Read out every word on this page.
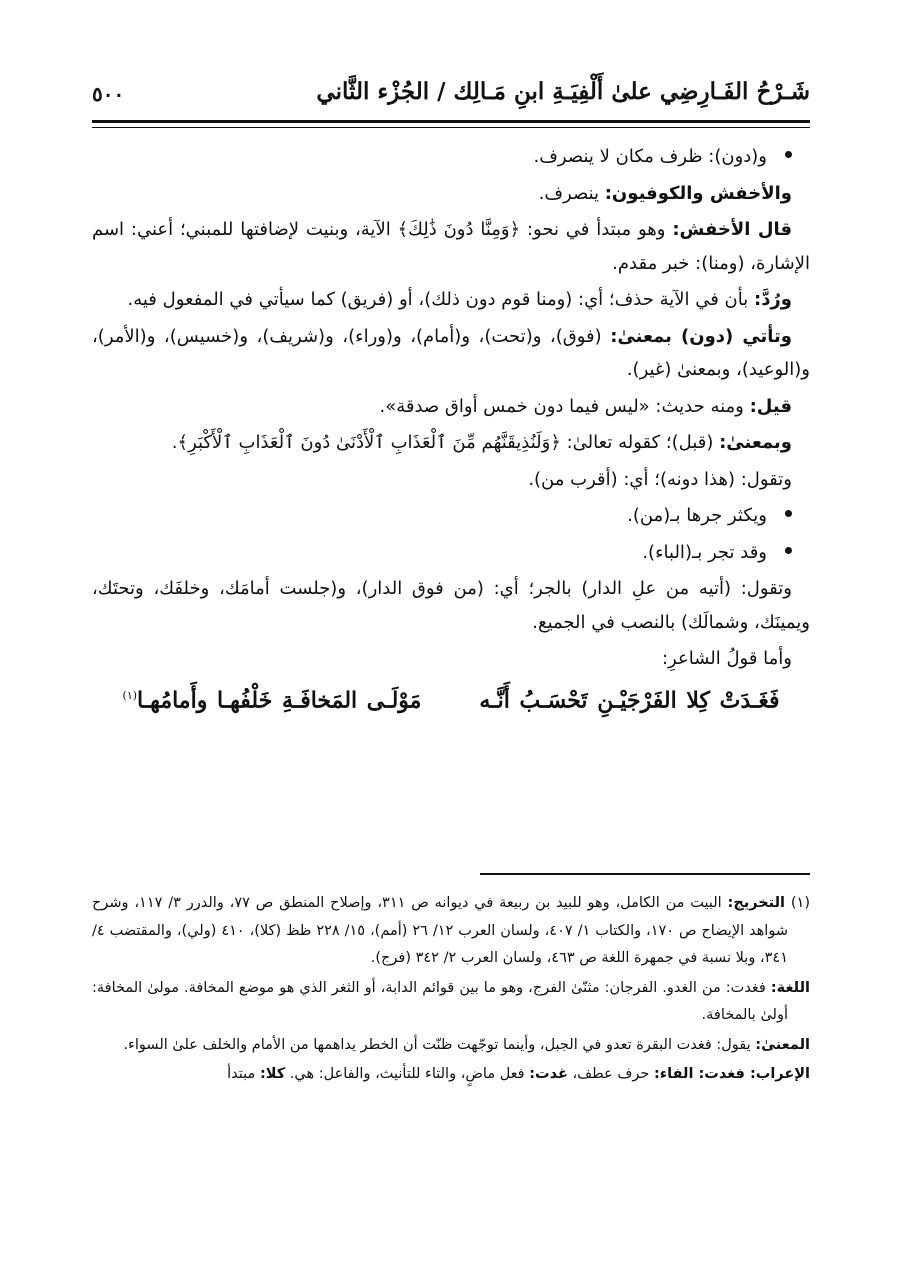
شَـرْحُ الفَـارِضِي علىٰ أَلْفِيَـةِ ابنِ مَـالِك / الجُزْء الثَّاني
٥٠٠

و(دون): ظرف مكان لا ينصرف.

والأخفش والكوفيون: ينصرف.

قال الأخفش: وهو مبتدأ في نحو: ﴿وَمِنَّا دُونَ ذَٰلِكَ﴾ الآية، وبنيت لإضافتها للمبني؛ أعني: اسم الإشارة، (ومنا): خبر مقدم.

ورُدَّ: بأن في الآية حذف؛ أي: (ومنا قوم دون ذلك)، أو (فريق) كما سيأتي في المفعول فيه.

وتأتي (دون) بمعنىٰ: (فوق)، و(تحت)، و(أمام)، و(وراء)، و(شريف)، و(خسيس)، و(الأمر)، و(الوعيد)، وبمعنىٰ (غير).

قيل: ومنه حديث: «ليس فيما دون خمس أواق صدقة».

وبمعنىٰ: (قبل)؛ كقوله تعالىٰ: ﴿وَلَنُذِيقَنَّهُم مِّنَ ٱلْعَذَابِ ٱلْأَدْنَىٰ دُونَ ٱلْعَذَابِ ٱلْأَكْبَرِ﴾.

وتقول: (هذا دونه)؛ أي: (أقرب من).

ويكثر جرها بـ(من).

وقد تجر بـ(الباء).

وتقول: (أتيه من علِ الدار) بالجر؛ أي: (من فوق الدار)، و(جلست أمامَك، وخلفَك، وتحتَك، ويمينَك، وشمالَك) بالنصب في الجميع.

وأما قولُ الشاعرِ:

فَغَـدَتْ كِلا الفَرْجَيْـنِ تَحْسَـبُ أَنَّـه      مَوْلَـى المَخافَـةِ خَلْفُهـا وأَمامُهـا$^{(١)}$

(١) التخريج: البيت من الكامل، وهو للبيد بن ربيعة في ديوانه ص ٣١١، وإصلاح المنطق ص ٧٧، والدرر ٣/ ١١٧، وشرح شواهد الإيضاح ص ١٧٠، والكتاب ١/ ٤٠٧، ولسان العرب ١٢/ ٢٦ (أمم)، ١٥/ ٢٢٨ ظظ (كلا)، ٤١٠ (ولي)، والمقتضب ٤/ ٣٤١، وبلا نسبة في جمهرة اللغة ص ٤٦٣، ولسان العرب ٢/ ٣٤٢ (فرج).

اللغة: فغدت: من الغدو. الفرجان: مثنّىٰ الفرج، وهو ما بين قوائم الدابة، أو الثغر الذي هو موضع المخافة. مولىٰ المخافة: أولىٰ بالمخافة.

المعنىٰ: يقول: فغدت البقرة تعدو في الجبل، وأينما توجّهت ظنّت أن الخطر يداهمها من الأمام والخلف علىٰ السواء.

الإعراب: فغدت: الفاء: حرف عطف، غدت: فعل ماضٍ، والتاء للتأنيث، والفاعل: هي. كلا: مبتدأ
